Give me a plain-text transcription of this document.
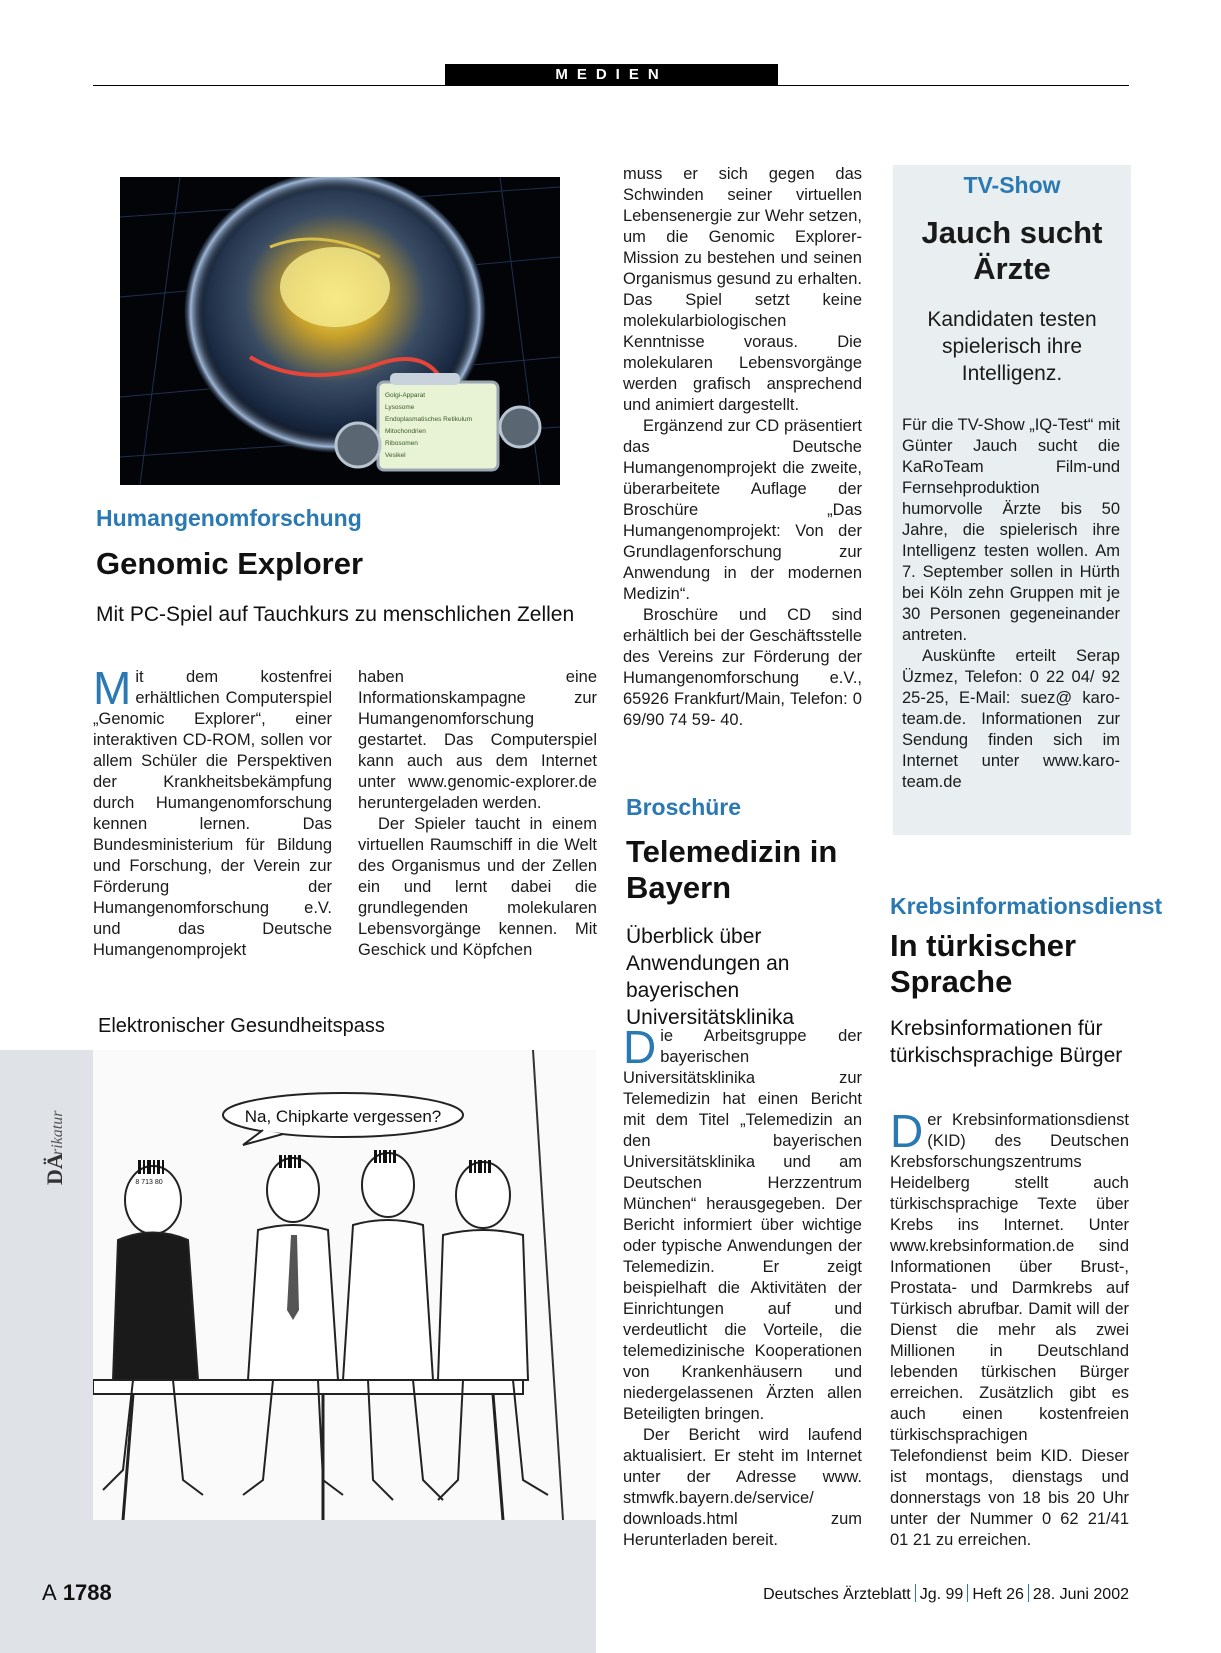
MEDIEN
Golgi-Apparat
Lysosome
Endoplasmatisches Retikulum
Mitochondrien
Ribosomen
Vesikel
Humangenomforschung
Genomic Explorer
Mit PC-Spiel auf Tauchkurs zu menschlichen Zellen

Mit dem kostenfrei erhältlichen Computerspiel „Genomic Explorer“, einer interaktiven CD-ROM, sollen vor allem Schüler die Perspektiven der Krankheitsbekämpfung durch Humangenomforschung kennen lernen. Das Bundesministerium für Bildung und Forschung, der Verein zur Förderung der Humangenomforschung e.V. und das Deutsche Humangenomprojekt

haben eine Informationskampagne zur Humangenomforschung gestartet. Das Computerspiel kann auch aus dem Internet unter www.genomic-explorer.de heruntergeladen werden.

Der Spieler taucht in einem virtuellen Raumschiff in die Welt des Organismus und der Zellen ein und lernt dabei die grundlegenden molekularen Lebensvorgänge kennen. Mit Geschick und Köpfchen

muss er sich gegen das Schwinden seiner virtuellen Lebensenergie zur Wehr setzen, um die Genomic Explorer-Mission zu bestehen und seinen Organismus gesund zu erhalten. Das Spiel setzt keine molekularbiologischen Kenntnisse voraus. Die molekularen Lebensvorgänge werden grafisch ansprechend und animiert dargestellt.

Ergänzend zur CD präsentiert das Deutsche Humangenomprojekt die zweite, überarbeitete Auflage der Broschüre „Das Humangenomprojekt: Von der Grundlagenforschung zur Anwendung in der modernen Medizin“.

Broschüre und CD sind erhältlich bei der Geschäftsstelle des Vereins zur Förderung der Humangenomforschung e.V., 65926 Frankfurt/Main, Telefon: 0 69/90 74 59- 40.

TV-Show
Jauch sucht Ärzte
Kandidaten testen spielerisch ihre Intelligenz.

Für die TV-Show „IQ-Test“ mit Günter Jauch sucht die KaRoTeam Film-und Fernsehproduktion humorvolle Ärzte bis 50 Jahre, die spielerisch ihre Intelligenz testen wollen. Am 7. September sollen in Hürth bei Köln zehn Gruppen mit je 30 Personen gegeneinander antreten.

Auskünfte erteilt Serap Üzmez, Telefon: 0 22 04/ 92 25-25, E-Mail: suez@ karo-team.de. Informationen zur Sendung finden sich im Internet unter www.karo-team.de

Broschüre
Telemedizin in Bayern
Überblick über Anwendungen an bayerischen Universitätsklinika

Die Arbeitsgruppe der bayerischen Universitätsklinika zur Telemedizin hat einen Bericht mit dem Titel „Telemedizin an den bayerischen Universitätsklinika und am Deutschen Herzzentrum München“ herausgegeben. Der Bericht informiert über wichtige oder typische Anwendungen der Telemedizin. Er zeigt beispielhaft die Aktivitäten der Einrichtungen auf und verdeutlicht die Vorteile, die telemedizinische Kooperationen von Krankenhäusern und niedergelassenen Ärzten allen Beteiligten bringen.

Der Bericht wird laufend aktualisiert. Er steht im Internet unter der Adresse www. stmwfk.bayern.de/service/ downloads.html zum Herunterladen bereit.

Krebsinformationsdienst
In türkischer Sprache
Krebsinformationen für türkischsprachige Bürger

Der Krebsinformationsdienst (KID) des Deutschen Krebsforschungszentrums Heidelberg stellt auch türkischsprachige Texte über Krebs ins Internet. Unter www.krebsinformation.de sind Informationen über Brust-, Prostata- und Darmkrebs auf Türkisch abrufbar. Damit will der Dienst die mehr als zwei Millionen in Deutschland lebenden türkischen Bürger erreichen. Zusätzlich gibt es auch einen kostenfreien türkischsprachigen Telefondienst beim KID. Dieser ist montags, dienstags und donnerstags von 18 bis 20 Uhr unter der Nummer 0 62 21/41 01 21 zu erreichen.

Elektronischer Gesundheitspass
Na, Chipkarte vergessen?
8 713 80
DÄ
rikatur
A 1788	Deutsches Ärzteblatt Jg. 99 Heft 26 28. Juni 2002
